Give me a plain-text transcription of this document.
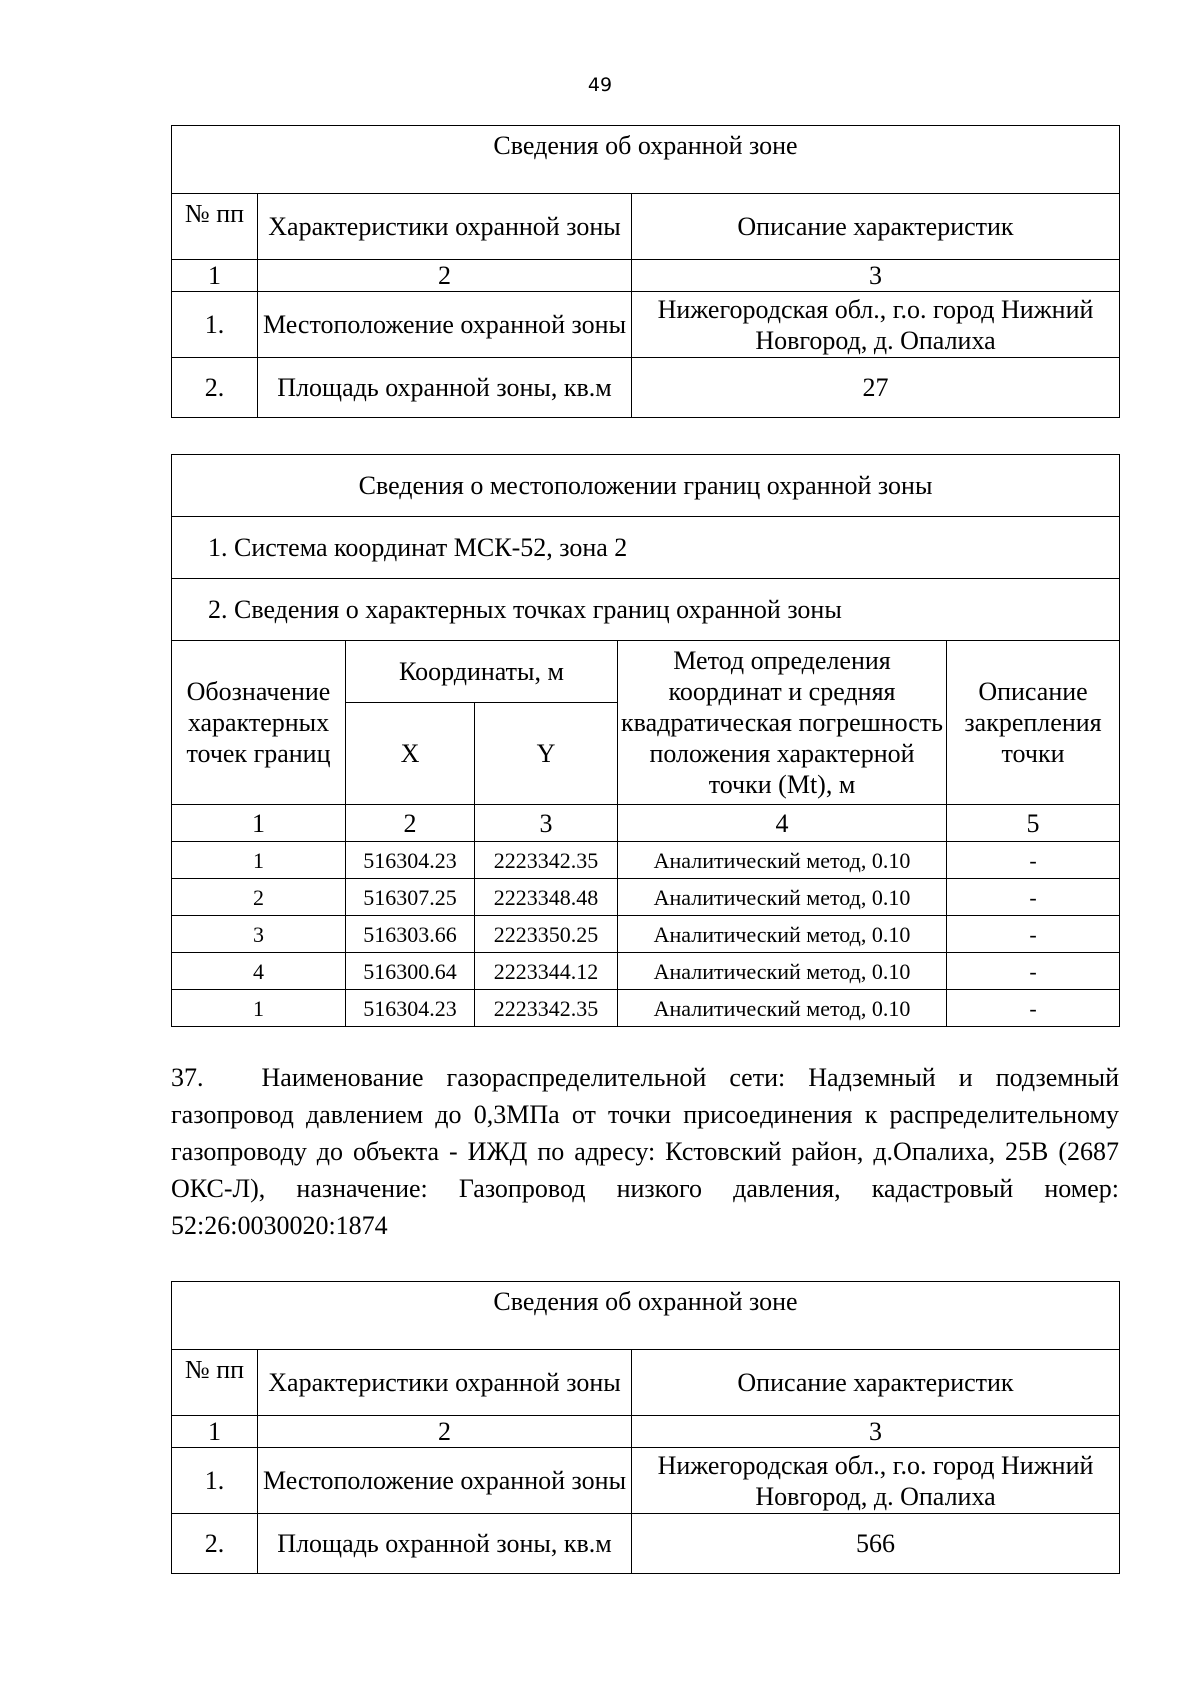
49
Сведения об охранной зоне		
№ пп	Характеристики охранной зоны	Описание характеристик
1	2	3
1.	Местоположение охранной зоны	Нижегородская обл., г.о. город Нижний Новгород, д. Опалиха
2.	Площадь охранной зоны, кв.м	27
Сведения о местоположении границ охранной зоны				
1. Система координат МСК-52, зона 2				
2. Сведения о характерных точках границ охранной зоны				
Обозначение характерных точек границ	Координаты, м		Метод определения координат и средняя квадратическая погрешность положения характерной точки (Mt), м	Описание закрепления точки
	X	Y		
1	2	3	4	5
1	516304.23	2223342.35	Аналитический метод, 0.10	-
2	516307.25	2223348.48	Аналитический метод, 0.10	-
3	516303.66	2223350.25	Аналитический метод, 0.10	-
4	516300.64	2223344.12	Аналитический метод, 0.10	-
1	516304.23	2223342.35	Аналитический метод, 0.10	-

37. Наименование газораспределительной сети: Надземный и подземный газопровод давлением до 0,3МПа от точки присоединения к распределительному газопроводу до объекта - ИЖД по адресу: Кстовский район, д.Опалиха, 25В (2687 ОКС-Л), назначение: Газопровод низкого давления, кадастровый номер: 52:26:0030020:1874

Сведения об охранной зоне		
№ пп	Характеристики охранной зоны	Описание характеристик
1	2	3
1.	Местоположение охранной зоны	Нижегородская обл., г.о. город Нижний Новгород, д. Опалиха
2.	Площадь охранной зоны, кв.м	566
